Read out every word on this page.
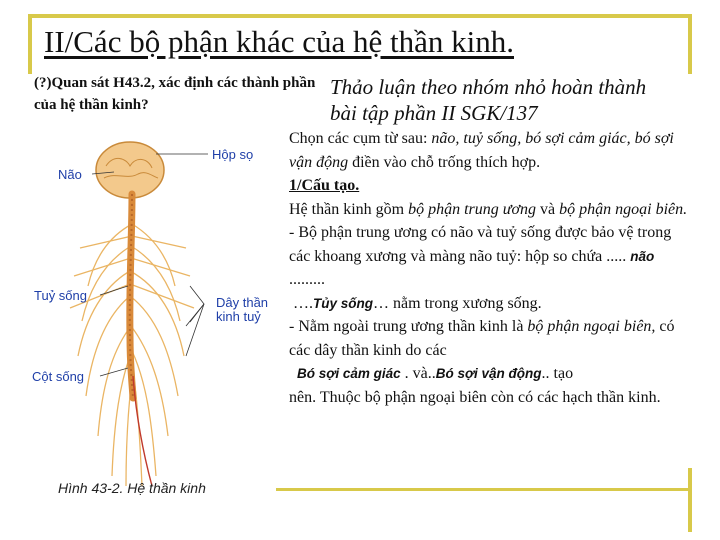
II/Các bộ phận khác của hệ thần kinh.
(?)Quan sát H43.2, xác định các thành phần của hệ thần kinh?
Thảo luận theo nhóm nhỏ hoàn thành
bài tập phần II SGK/137

Chọn các cụm từ sau: não, tuỷ sống, bó sợi cảm giác, bó sợi vận động điền vào chỗ trống thích hợp.

1/Cấu tạo.

Hệ thần kinh gồm bộ phận trung ương và bộ phận ngoại biên.

- Bộ phận trung ương có não và tuỷ sống được bảo vệ trong các khoang xương và màng não tuỷ: hộp so chứa ..... não .........
….Tủy sống… nằm trong xương sống.

- Nằm ngoài trung ương thần kinh là bộ phận ngoại biên, có các dây thần kinh do các
Bó sợi cảm giác . và..Bó sợi vận động.. tạo
nên. Thuộc bộ phận ngoại biên còn có các hạch thần kinh.

Hộp sọ
Não
Tuỷ sống	Dây thần
kinh tuỷ
Cột sống
Hình 43-2. Hệ thần kinh
